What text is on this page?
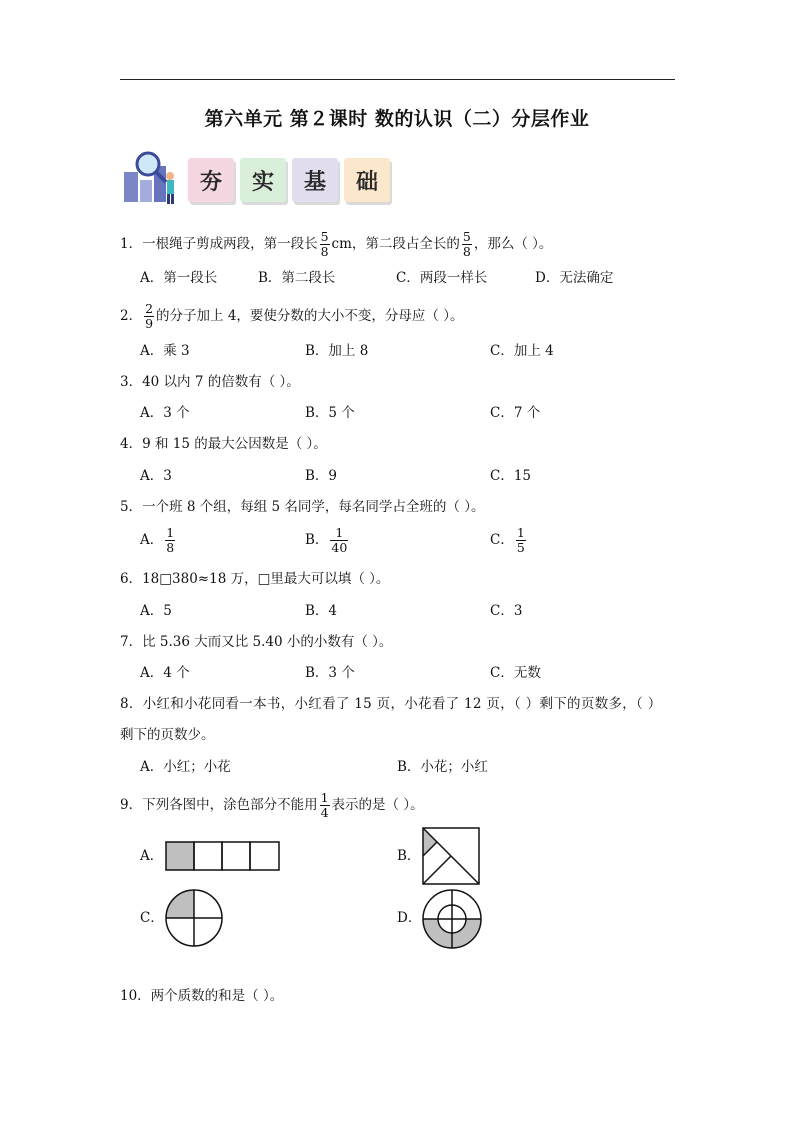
第六单元 第２课时 数的认识（二）分层作业
夯	实	基	础
1．一根绳子剪成两段，第一段长 $\frac{5}{8}$ cm，第二段占全长的 $\frac{5}{8}$ ，那么（ ）。
A．第一段长	B．第二段长	C．两段一样长	D．无法确定
2． $\frac{2}{9}$ 的分子加上 4，要使分数的大小不变，分母应（ ）。
A．乘 3	B．加上 8	C．加上 4
3．40 以内 7 的倍数有（ ）。
A．3 个	B．5 个	C．7 个
4．9 和 15 的最大公因数是（ ）。
A．3	B．9	C．15
5．一个班 8 个组，每组 5 名同学，每名同学占全班的（ ）。
A． $\frac{1}{8}$	B． $\frac{1}{40}$	C． $\frac{1}{5}$
6．18□380≈18 万，□里最大可以填（ ）。
A．5	B．4	C．3
7．比 5.36 大而又比 5.40 小的小数有（ ）。
A．4 个	B．3 个	C．无数
8．小红和小花同看一本书，小红看了 15 页，小花看了 12 页，（ ）剩下的页数多，（ ）
剩下的页数少。
A．小红；小花	B．小花；小红
9．下列各图中，涂色部分不能用 $\frac{1}{4}$ 表示的是（ ）。
A．	B．
C．	D．
10．两个质数的和是（ ）。
